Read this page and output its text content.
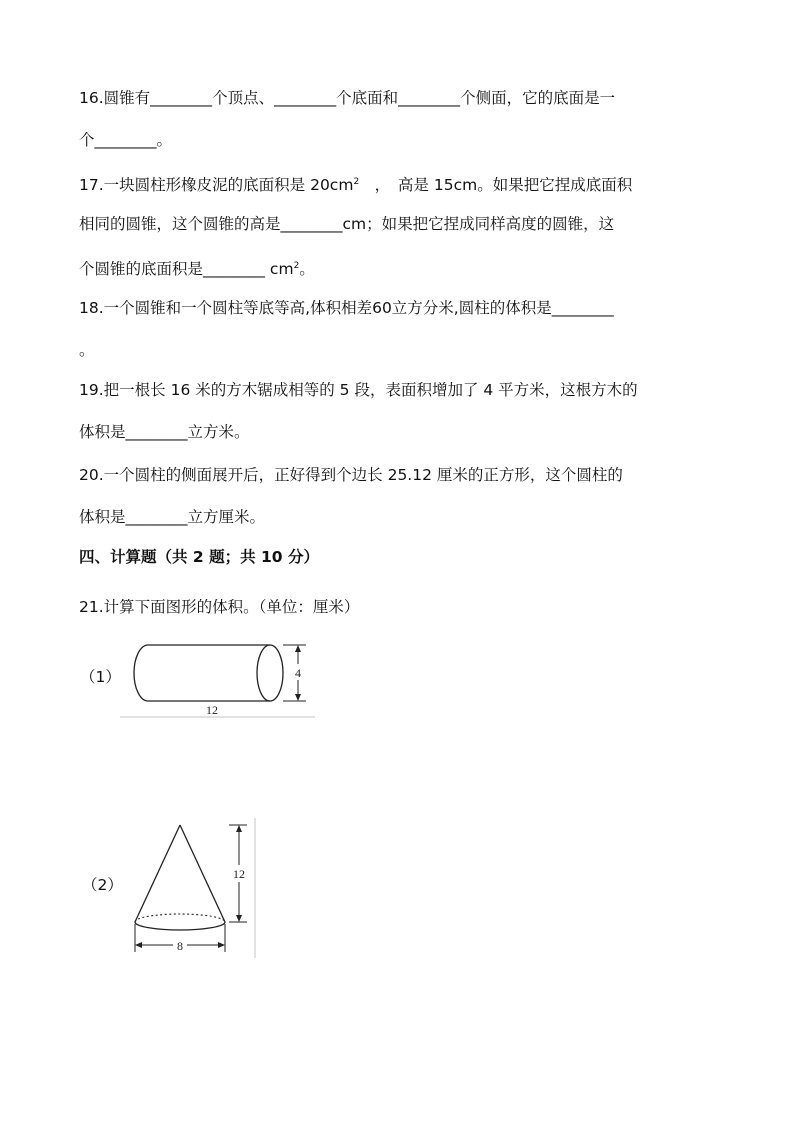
16.圆锥有________个顶点、________个底面和________个侧面，它的底面是一
个________。
17.一块圆柱形橡皮泥的底面积是 $20cm^2$　，　高是 15cm。如果把它捏成底面积
相同的圆锥，这个圆锥的高是________cm；如果把它捏成同样高度的圆锥，这
个圆锥的底面积是________ $cm^2$。
18.一个圆锥和一个圆柱等底等高,体积相差60立方分米,圆柱的体积是________
。
19.把一根长 16 米的方木锯成相等的 5 段，表面积增加了 4 平方米，这根方木的
体积是________立方米。
20.一个圆柱的侧面展开后，正好得到个边长 25.12 厘米的正方形，这个圆柱的
体积是________立方厘米。
四、计算题（共 2 题；共 10 分）
21.计算下面图形的体积。（单位：厘米）
（1）	4
12
（2）
12
8
